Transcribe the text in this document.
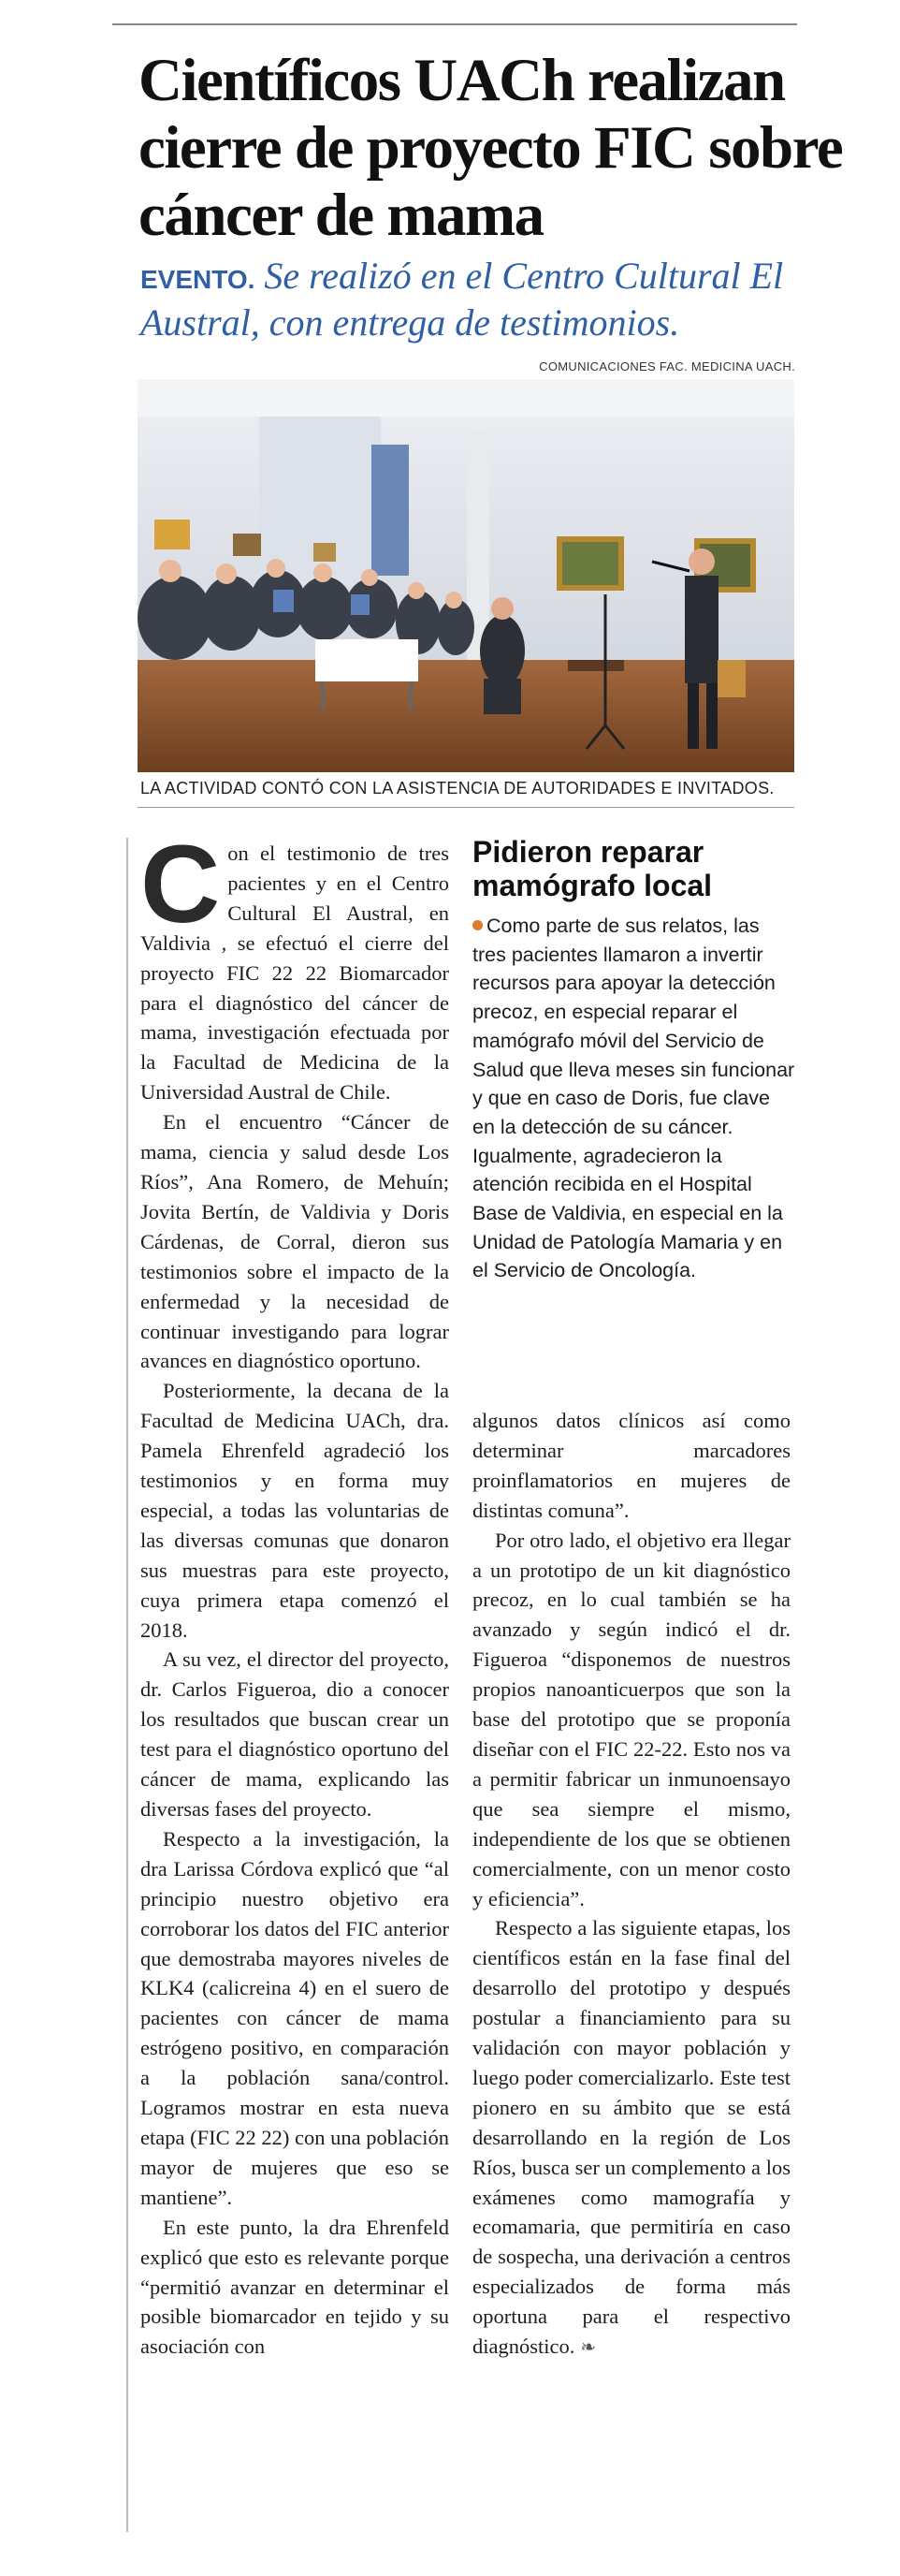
Científicos UACh realizan cierre de proyecto FIC sobre cáncer de mama

EVENTO. Se realizó en el Centro Cultural El Austral, con entrega de testimonios.

COMUNICACIONES FAC. MEDICINA UACH.
LA ACTIVIDAD CONTÓ CON LA ASISTENCIA DE AUTORIDADES E INVITADOS.

Con el testimonio de tres pacientes y en el Centro Cultural El Austral, en Valdivia , se efectuó el cierre del proyecto FIC 22 22 Biomarcador para el diagnóstico del cáncer de mama, investigación efectuada por la Facultad de Medicina de la Universidad Austral de Chile.

En el encuentro “Cáncer de mama, ciencia y salud desde Los Ríos”, Ana Romero, de Mehuín; Jovita Bertín, de Valdivia y Doris Cárdenas, de Corral, dieron sus testimonios sobre el impacto de la enfermedad y la necesidad de continuar investigando para lograr avances en diagnóstico oportuno.

Posteriormente, la decana de la Facultad de Medicina UACh, dra. Pamela Ehrenfeld agradeció los testimonios y en forma muy especial, a todas las voluntarias de las diversas comunas que donaron sus muestras para este proyecto, cuya primera etapa comenzó el 2018.

A su vez, el director del proyecto, dr. Carlos Figueroa, dio a conocer los resultados que buscan crear un test para el diagnóstico oportuno del cáncer de mama, explicando las diversas fases del proyecto.

Respecto a la investigación, la dra Larissa Córdova explicó que “al principio nuestro objetivo era corroborar los datos del FIC anterior que demostraba mayores niveles de KLK4 (calicreina 4) en el suero de pacientes con cáncer de mama estrógeno positivo, en comparación a la población sana/control. Logramos mostrar en esta nueva etapa (FIC 22 22) con una población mayor de mujeres que eso se mantiene”.

En este punto, la dra Ehrenfeld explicó que esto es relevante porque “permitió avanzar en determinar el posible biomarcador en tejido y su asociación con

Pidieron reparar mamógrafo local
Como parte de sus relatos, las tres pacientes llamaron a invertir recursos para apoyar la detección precoz, en especial reparar el mamógrafo móvil del Servicio de Salud que lleva meses sin funcionar y que en caso de Doris, fue clave en la detección de su cáncer. Igualmente, agradecieron la atención recibida en el Hospital Base de Valdivia, en especial en la Unidad de Patología Mamaria y en el Servicio de Oncología.

algunos datos clínicos así como determinar marcadores proinflamatorios en mujeres de distintas comuna”.

Por otro lado, el objetivo era llegar a un prototipo de un kit diagnóstico precoz, en lo cual también se ha avanzado y según indicó el dr. Figueroa “disponemos de nuestros propios nanoanticuerpos que son la base del prototipo que se proponía diseñar con el FIC 22-22. Esto nos va a permitir fabricar un inmunoensayo que sea siempre el mismo, independiente de los que se obtienen comercialmente, con un menor costo y eficiencia”.

Respecto a las siguiente etapas, los científicos están en la fase final del desarrollo del prototipo y después postular a financiamiento para su validación con mayor población y luego poder comercializarlo. Este test pionero en su ámbito que se está desarrollando en la región de Los Ríos, busca ser un complemento a los exámenes como mamografía y ecomamaria, que permitiría en caso de sospecha, una derivación a centros especializados de forma más oportuna para el respectivo diagnóstico. ❧
